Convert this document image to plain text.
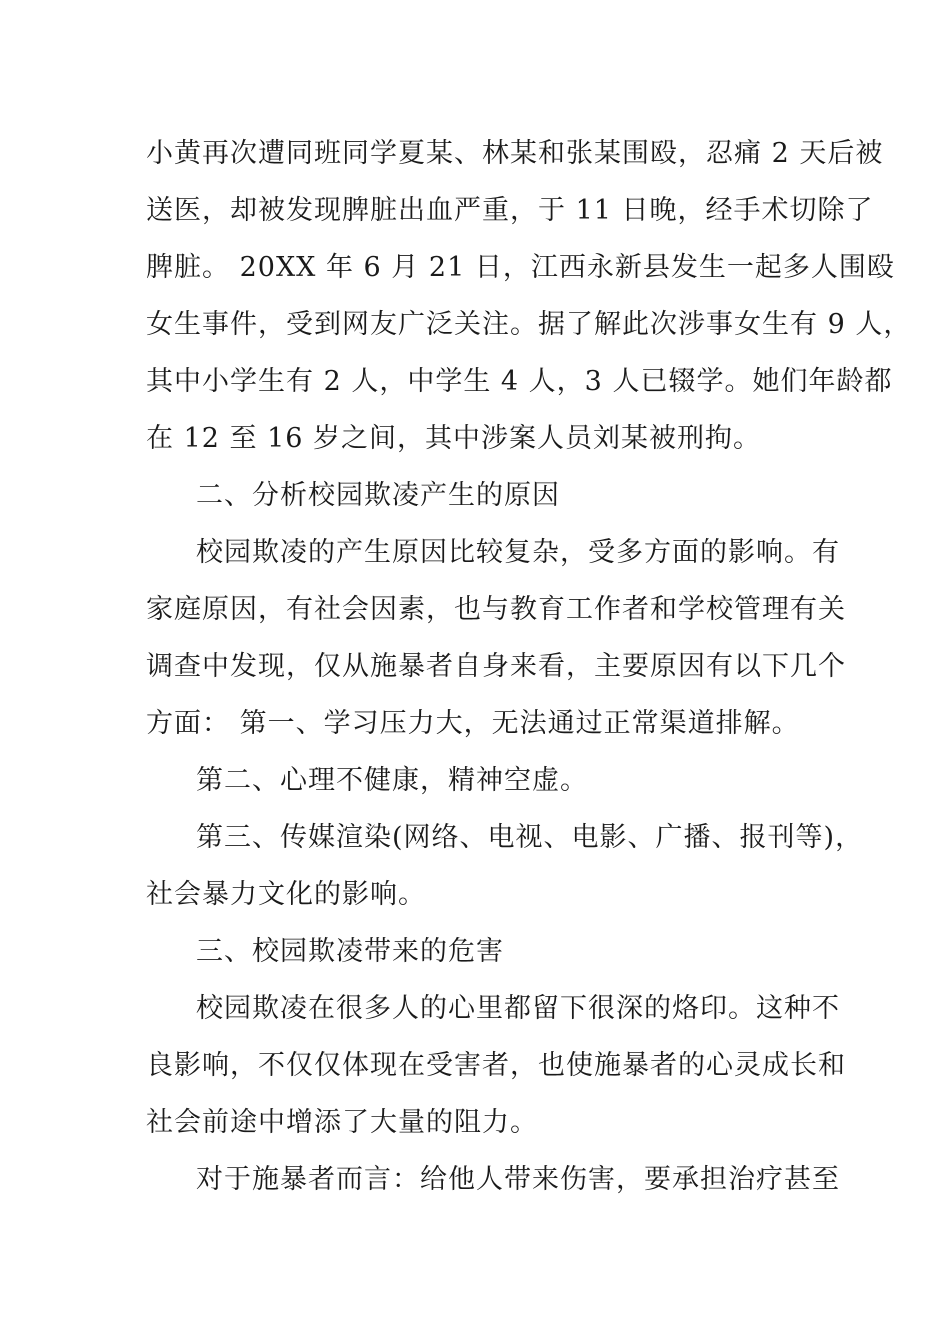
小黄再次遭同班同学夏某、林某和张某围殴，忍痛 2 天后被
送医，却被发现脾脏出血严重，于 11 日晚，经手术切除了
脾脏。 20XX 年 6 月 21 日，江西永新县发生一起多人围殴
女生事件，受到网友广泛关注。据了解此次涉事女生有 9 人，
其中小学生有 2 人，中学生 4 人，3 人已辍学。她们年龄都
在 12 至 16 岁之间，其中涉案人员刘某被刑拘。
二、分析校园欺凌产生的原因
校园欺凌的产生原因比较复杂，受多方面的影响。有
家庭原因，有社会因素，也与教育工作者和学校管理有关
调查中发现，仅从施暴者自身来看，主要原因有以下几个
方面： 第一、学习压力大，无法通过正常渠道排解。
第二、心理不健康，精神空虚。
第三、传媒渲染(网络、电视、电影、广播、报刊等)，
社会暴力文化的影响。
三、校园欺凌带来的危害
校园欺凌在很多人的心里都留下很深的烙印。这种不
良影响，不仅仅体现在受害者，也使施暴者的心灵成长和
社会前途中增添了大量的阻力。
对于施暴者而言：给他人带来伤害，要承担治疗甚至
